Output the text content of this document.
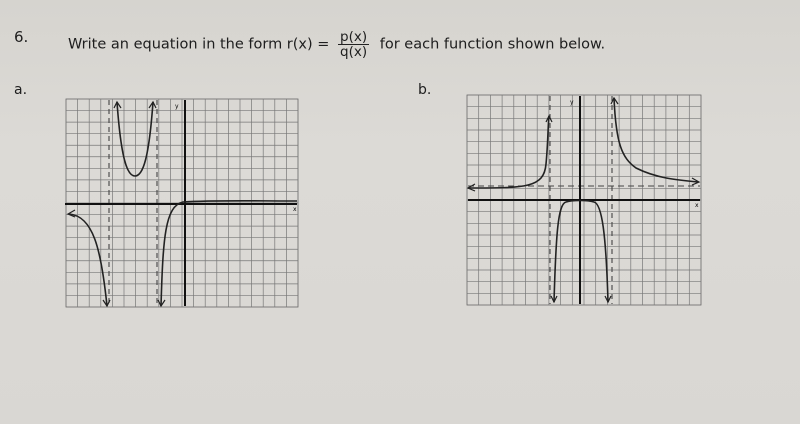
6.	Write an equation in the form $r(x) = \frac{p(x)}{q(x)}$ for each function shown below.
a.	b.
y
x
y
x
